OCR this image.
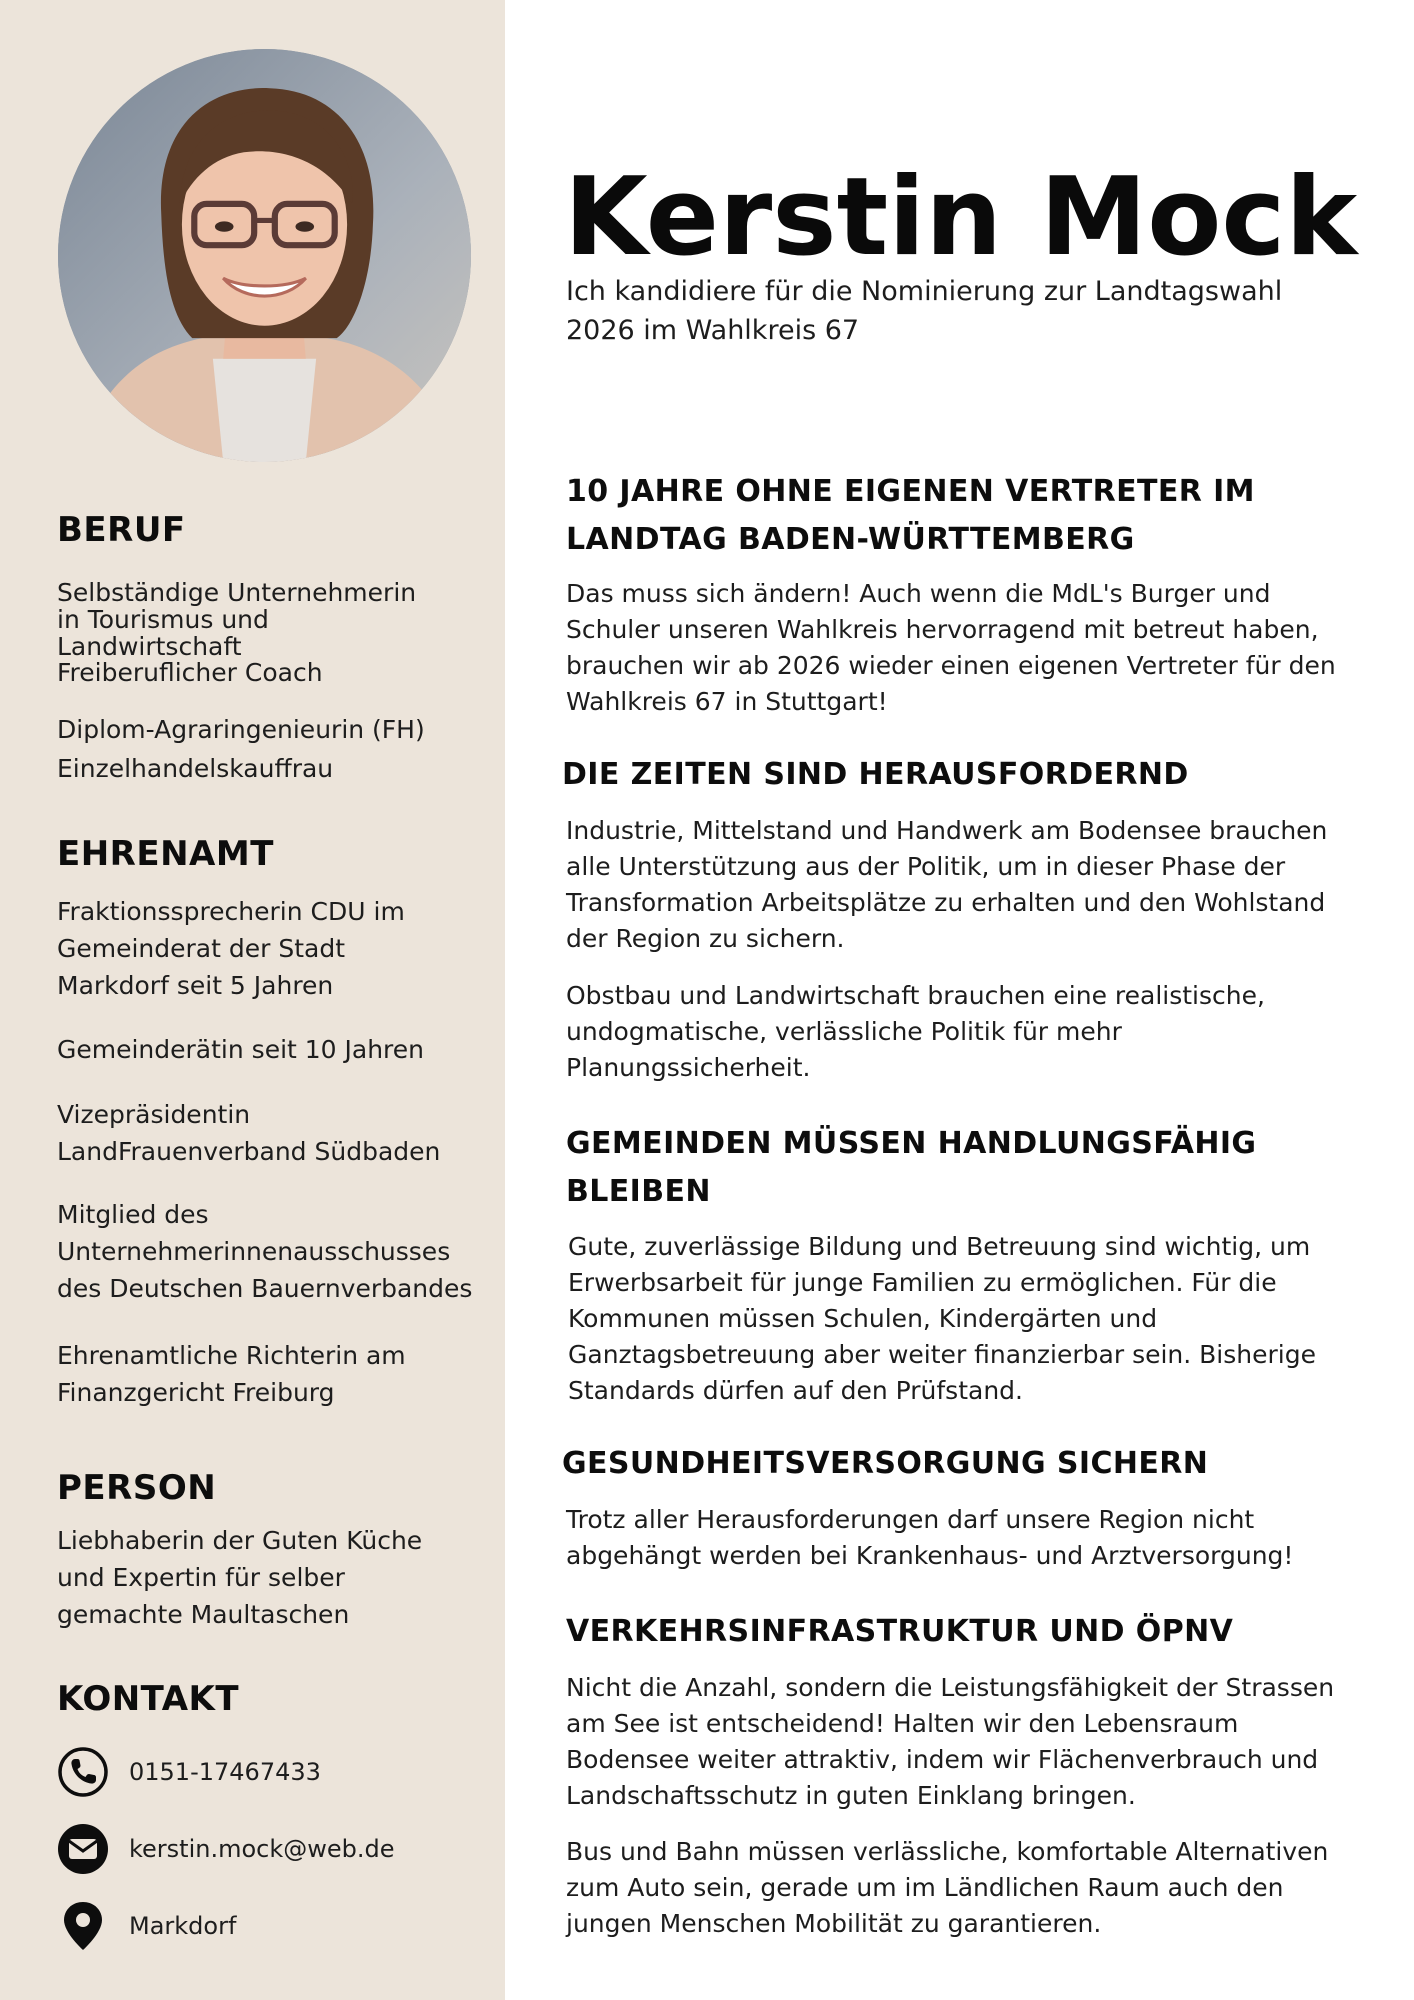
BERUF
Selbständige Unternehmerin in Tourismus und Landwirtschaft
Freiberuflicher Coach
Diplom-Agraringenieurin (FH)
Einzelhandelskauffrau
EHRENAMT
Fraktionssprecherin CDU im Gemeinderat der Stadt Markdorf seit 5 Jahren
Gemeinderätin seit 10 Jahren
Vizepräsidentin LandFrauenverband Südbaden
Mitglied des Unternehmerinnenausschusses des Deutschen Bauernverbandes
Ehrenamtliche Richterin am Finanzgericht Freiburg
PERSON
Liebhaberin der Guten Küche und Expertin für selber gemachte Maultaschen
KONTAKT
0151-17467433
kerstin.mock@web.de
Markdorf
Kerstin Mock
Ich kandidiere für die Nominierung zur Landtagswahl 2026 im Wahlkreis 67
10 JAHRE OHNE EIGENEN VERTRETER IM LANDTAG BADEN-WÜRTTEMBERG
Das muss sich ändern! Auch wenn die MdL's Burger und Schuler unseren Wahlkreis hervorragend mit betreut haben, brauchen wir ab 2026 wieder einen eigenen Vertreter für den Wahlkreis 67 in Stuttgart!
DIE ZEITEN SIND HERAUSFORDERND
Industrie, Mittelstand und Handwerk am Bodensee brauchen alle Unterstützung aus der Politik, um in dieser Phase der Transformation Arbeitsplätze zu erhalten und den Wohlstand der Region zu sichern.
Obstbau und Landwirtschaft brauchen eine realistische, undogmatische, verlässliche Politik für mehr Planungssicherheit.
GEMEINDEN MÜSSEN HANDLUNGSFÄHIG BLEIBEN
Gute, zuverlässige Bildung und Betreuung sind wichtig, um Erwerbsarbeit für junge Familien zu ermöglichen. Für die Kommunen müssen Schulen, Kindergärten und Ganztagsbetreuung aber weiter finanzierbar sein. Bisherige Standards dürfen auf den Prüfstand.
GESUNDHEITSVERSORGUNG SICHERN
Trotz aller Herausforderungen darf unsere Region nicht abgehängt werden bei Krankenhaus- und Arztversorgung!
VERKEHRSINFRASTRUKTUR UND ÖPNV
Nicht die Anzahl, sondern die Leistungsfähigkeit der Strassen am See ist entscheidend! Halten wir den Lebensraum Bodensee weiter attraktiv, indem wir Flächenverbrauch und Landschaftsschutz in guten Einklang bringen.
Bus und Bahn müssen verlässliche, komfortable Alternativen zum Auto sein, gerade um im Ländlichen Raum auch den jungen Menschen Mobilität zu garantieren.
